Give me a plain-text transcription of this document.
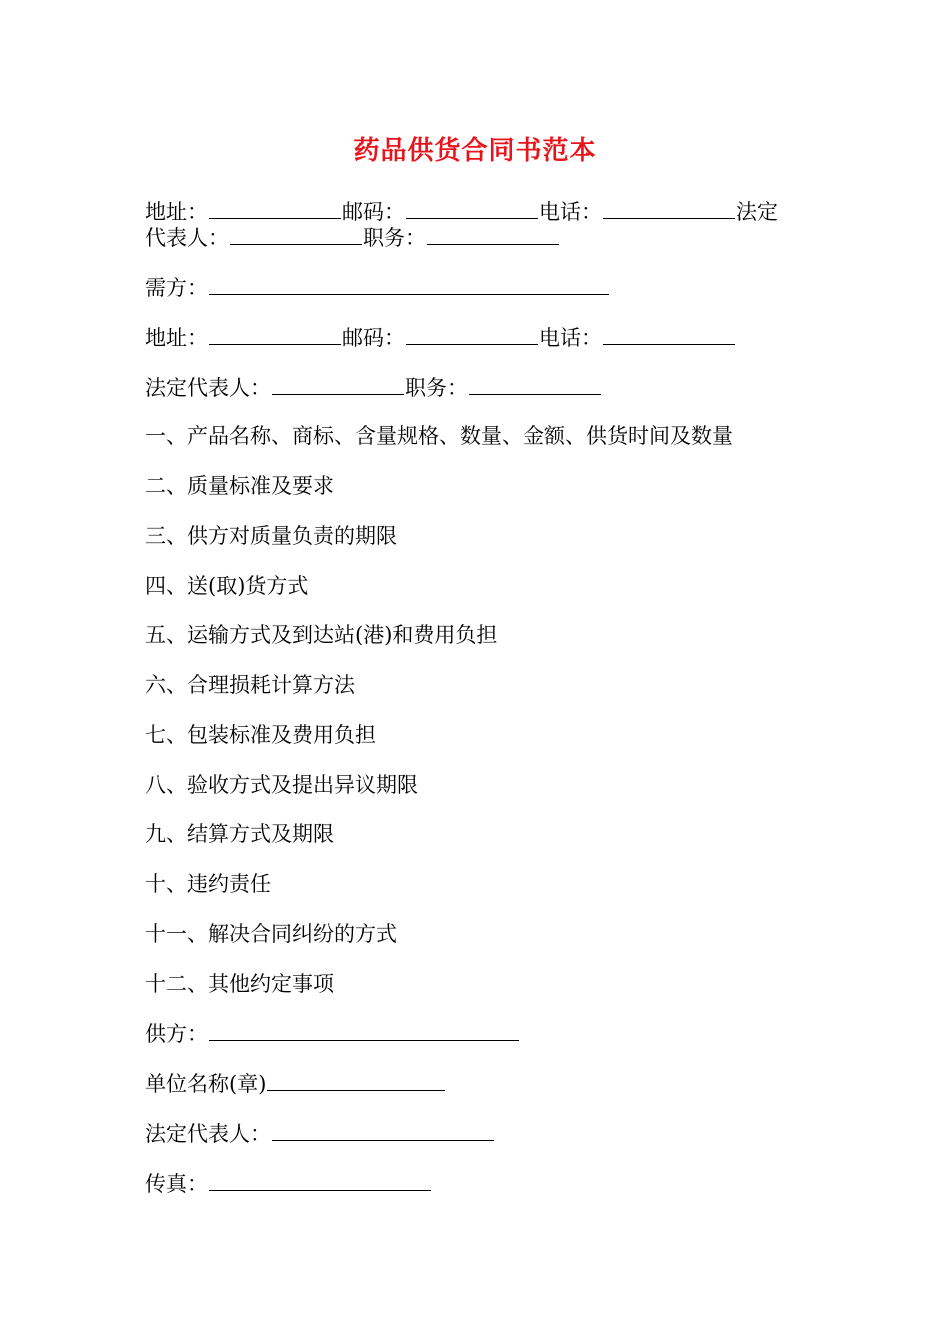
药品供货合同书范本
地址：	邮码：	电话：	法定
代表人：	职务：
需方：
地址：	邮码：	电话：
法定代表人：	职务：
一、产品名称、商标、含量规格、数量、金额、供货时间及数量
二、质量标准及要求
三、供方对质量负责的期限
四、送(取)货方式
五、运输方式及到达站(港)和费用负担
六、合理损耗计算方法
七、包装标准及费用负担
八、验收方式及提出异议期限
九、结算方式及期限
十、违约责任
十一、解决合同纠纷的方式
十二、其他约定事项
供方：
单位名称(章)
法定代表人：
传真：
